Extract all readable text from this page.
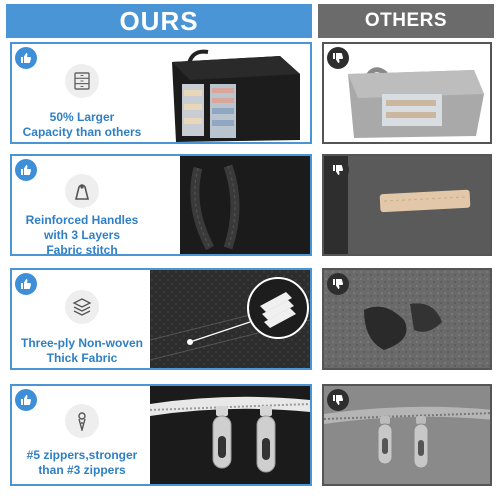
OURS	OTHERS
50% Larger
Capacity than others
Reinforced Handles
with 3 Layers
Fabric stitch
Three-ply Non-woven
Thick Fabric
#5 zippers,stronger
than #3 zippers
